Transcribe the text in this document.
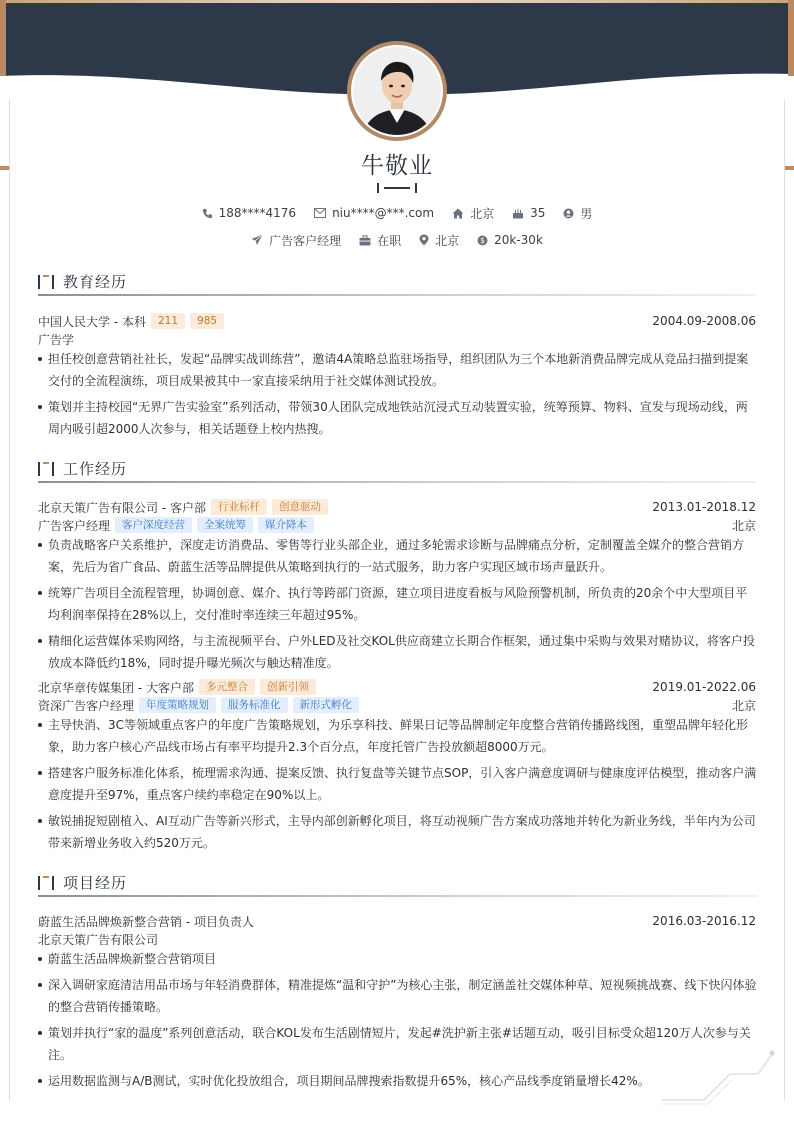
牛敬业
188****4176	niu****@***.com	北京	35	男
广告客户经理	在职	北京	$ 20k-30k
教育经历
中国人民大学 - 本科	211	985	2004.09-2008.06
广告学
担任校创意营销社社长，发起“品牌实战训练营”，邀请4A策略总监驻场指导，组织团队为三个本地新消费品牌完成从竞品扫描到提案交付的全流程演练，项目成果被其中一家直接采纳用于社交媒体测试投放。
策划并主持校园“无界广告实验室”系列活动，带领30人团队完成地铁站沉浸式互动装置实验，统筹预算、物料、宣发与现场动线，两周内吸引超2000人次参与，相关话题登上校内热搜。
工作经历
北京天策广告有限公司 - 客户部	行业标杆	创意驱动	2013.01-2018.12
广告客户经理	客户深度经营	全案统筹	媒介降本	北京
负责战略客户关系维护，深度走访消费品、零售等行业头部企业，通过多轮需求诊断与品牌痛点分析，定制覆盖全媒介的整合营销方案，先后为省广食品、蔚蓝生活等品牌提供从策略到执行的一站式服务，助力客户实现区域市场声量跃升。
统筹广告项目全流程管理，协调创意、媒介、执行等跨部门资源，建立项目进度看板与风险预警机制，所负责的20余个中大型项目平均利润率保持在28%以上，交付准时率连续三年超过95%。
精细化运营媒体采购网络，与主流视频平台、户外LED及社交KOL供应商建立长期合作框架，通过集中采购与效果对赌协议，将客户投放成本降低约18%，同时提升曝光频次与触达精准度。
北京华章传媒集团 - 大客户部	多元整合	创新引领	2019.01-2022.06
资深广告客户经理	年度策略规划	服务标准化	新形式孵化	北京
主导快消、3C等领域重点客户的年度广告策略规划，为乐享科技、鲜果日记等品牌制定年度整合营销传播路线图，重塑品牌年轻化形象，助力客户核心产品线市场占有率平均提升2.3个百分点，年度托管广告投放额超8000万元。
搭建客户服务标准化体系，梳理需求沟通、提案反馈、执行复盘等关键节点SOP，引入客户满意度调研与健康度评估模型，推动客户满意度提升至97%，重点客户续约率稳定在90%以上。
敏锐捕捉短剧植入、AI互动广告等新兴形式，主导内部创新孵化项目，将互动视频广告方案成功落地并转化为新业务线，半年内为公司带来新增业务收入约520万元。
项目经历
蔚蓝生活品牌焕新整合营销 - 项目负责人	2016.03-2016.12
北京天策广告有限公司
蔚蓝生活品牌焕新整合营销项目
深入调研家庭清洁用品市场与年轻消费群体，精准提炼“温和守护”为核心主张，制定涵盖社交媒体种草、短视频挑战赛、线下快闪体验的整合营销传播策略。
策划并执行“家的温度”系列创意活动，联合KOL发布生活剧情短片，发起#洗护新主张#话题互动，吸引目标受众超120万人次参与关注。
运用数据监测与A/B测试，实时优化投放组合，项目期间品牌搜索指数提升65%，核心产品线季度销量增长42%。
